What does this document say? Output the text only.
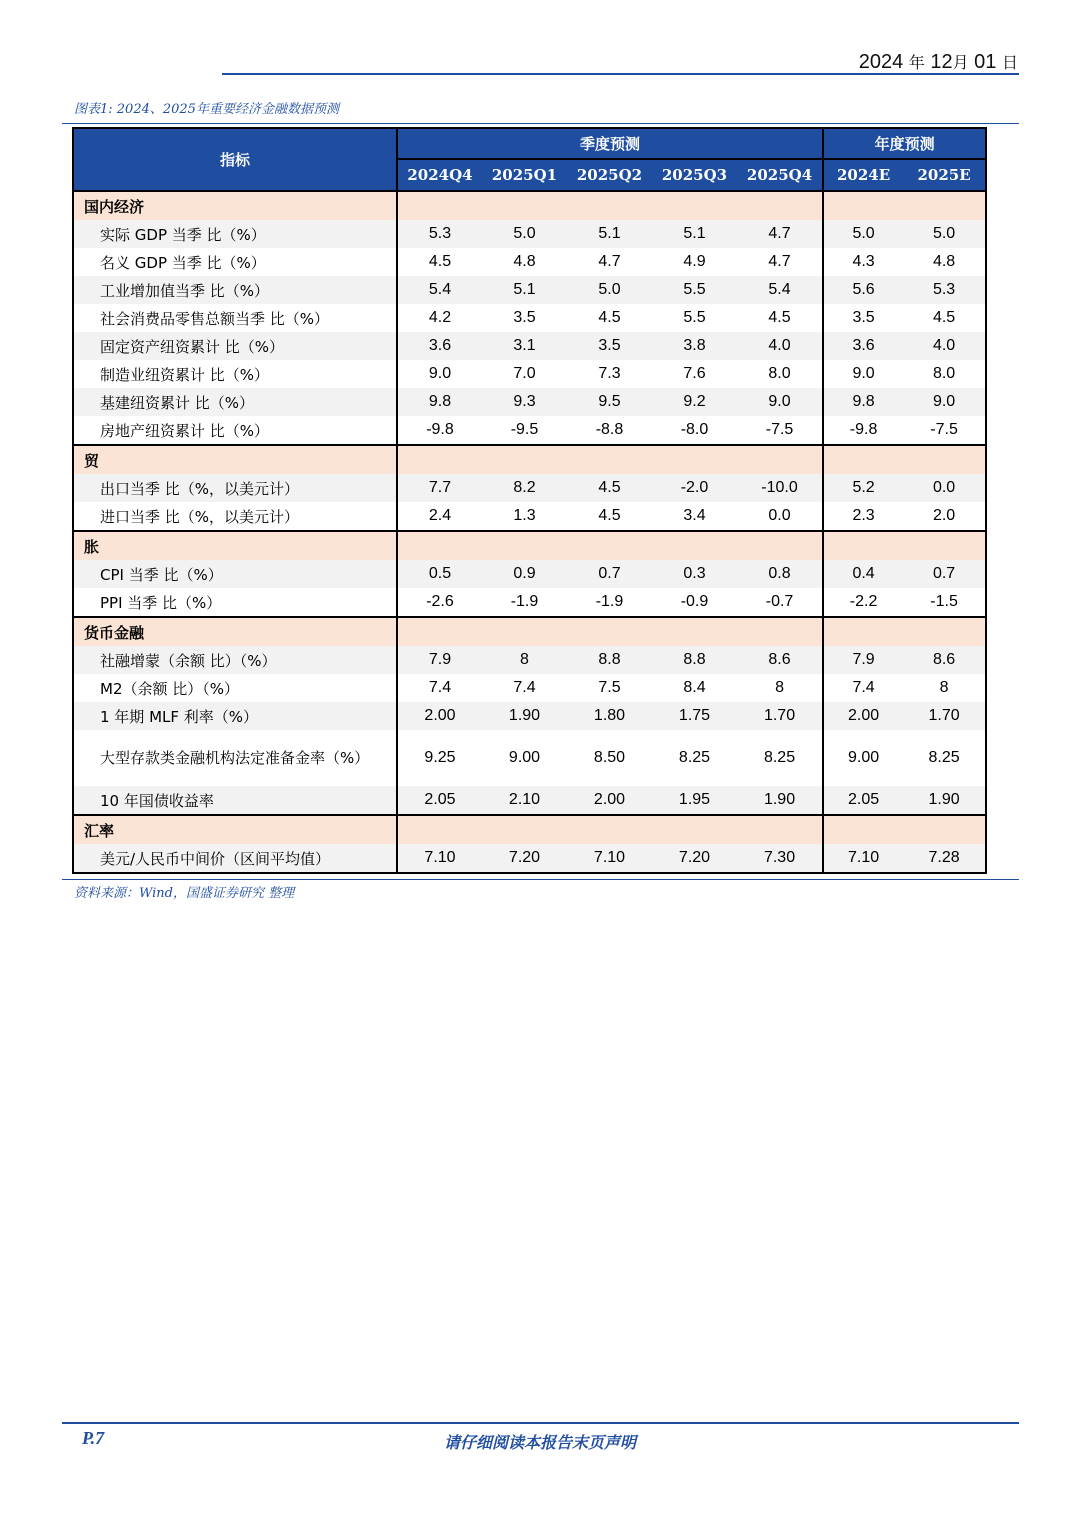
2024 年 12月 01 日
图表1: 2024、2025年重要经济金融数据预测
指标	季度预测					年度预测	
	2024Q4	2025Q1	2025Q2	2025Q3	2025Q4	2024E	2025E
国内经济							
实际 GDP 当季 比（%）	5.3	5.0	5.1	5.1	4.7	5.0	5.0
名义 GDP 当季 比（%）	4.5	4.8	4.7	4.9	4.7	4.3	4.8
工业增加值当季 比（%）	5.4	5.1	5.0	5.5	5.4	5.6	5.3
社会消费品零售总额当季 比（%）	4.2	3.5	4.5	5.5	4.5	3.5	4.5
固定资产纽资累计 比（%）	3.6	3.1	3.5	3.8	4.0	3.6	4.0
制造业纽资累计 比（%）	9.0	7.0	7.3	7.6	8.0	9.0	8.0
基建纽资累计 比（%）	9.8	9.3	9.5	9.2	9.0	9.8	9.0
房地产纽资累计 比（%）	-9.8	-9.5	-8.8	-8.0	-7.5	-9.8	-7.5
贸							
出口当季 比（%，以美元计）	7.7	8.2	4.5	-2.0	-10.0	5.2	0.0
进口当季 比（%，以美元计）	2.4	1.3	4.5	3.4	0.0	2.3	2.0
胀							
CPI 当季 比（%）	0.5	0.9	0.7	0.3	0.8	0.4	0.7
PPI 当季 比（%）	-2.6	-1.9	-1.9	-0.9	-0.7	-2.2	-1.5
货币金融							
社融增蒙（余额 比）（%）	7.9	8	8.8	8.8	8.6	7.9	8.6
M2（余额 比）（%）	7.4	7.4	7.5	8.4	8	7.4	8
1 年期 MLF 利率（%）	2.00	1.90	1.80	1.75	1.70	2.00	1.70
大型存款类金融机构法定准备金率（%）	9.25	9.00	8.50	8.25	8.25	9.00	8.25
10 年国债收益率	2.05	2.10	2.00	1.95	1.90	2.05	1.90
汇率							
美元/人民币中间价（区间平均值）	7.10	7.20	7.10	7.20	7.30	7.10	7.28
资料来源：Wind，国盛证券研究 整理
P.7	请仔细阅读本报告末页声明
